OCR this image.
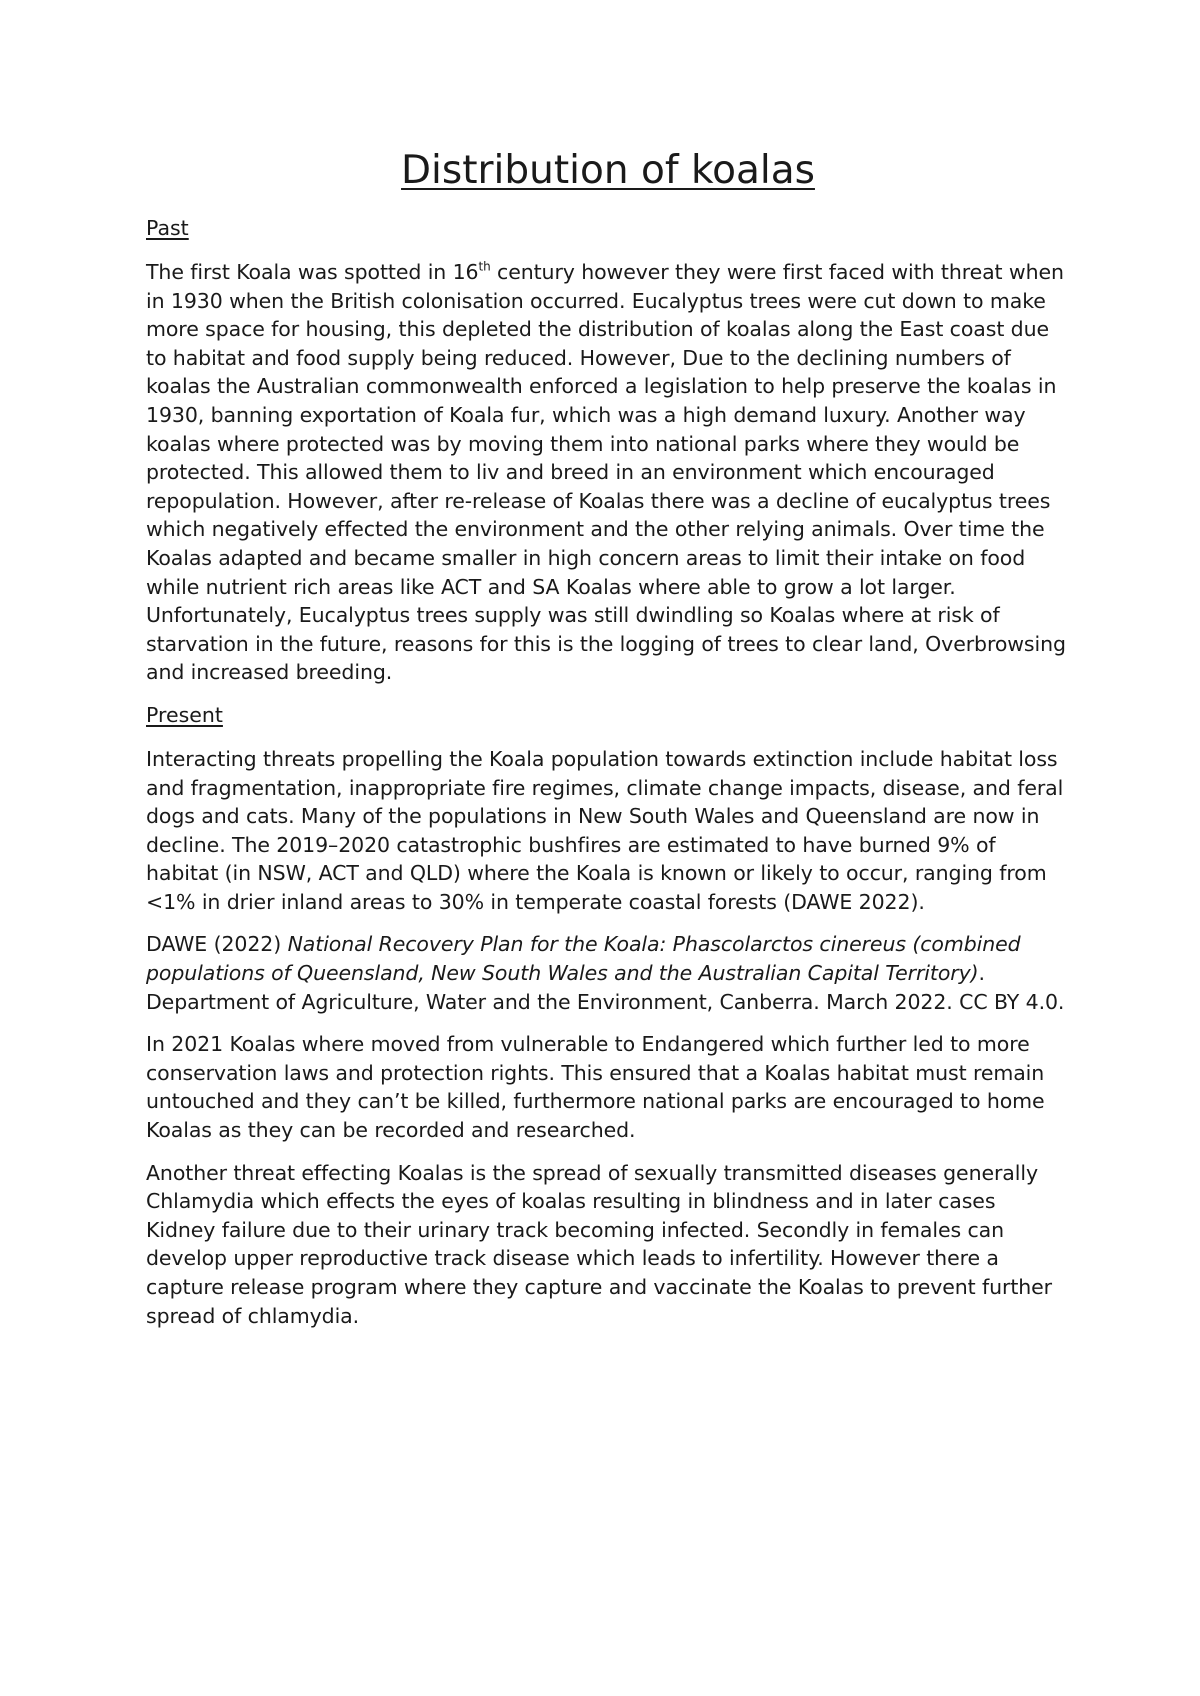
Distribution of koalas
Past

The first Koala was spotted in 16th century however they were first faced with threat when in 1930 when the British colonisation occurred. Eucalyptus trees were cut down to make more space for housing, this depleted the distribution of koalas along the East coast due to habitat and food supply being reduced. However, Due to the declining numbers of koalas the Australian commonwealth enforced a legislation to help preserve the koalas in 1930, banning exportation of Koala fur, which was a high demand luxury. Another way koalas where protected was by moving them into national parks where they would be protected. This allowed them to liv and breed in an environment which encouraged repopulation. However, after re-release of Koalas there was a decline of eucalyptus trees which negatively effected the environment and the other relying animals. Over time the Koalas adapted and became smaller in high concern areas to limit their intake on food while nutrient rich areas like ACT and SA Koalas where able to grow a lot larger. Unfortunately, Eucalyptus trees supply was still dwindling so Koalas where at risk of starvation in the future, reasons for this is the logging of trees to clear land, Overbrowsing and increased breeding.

Present

Interacting threats propelling the Koala population towards extinction include habitat loss and fragmentation, inappropriate fire regimes, climate change impacts, disease, and feral dogs and cats. Many of the populations in New South Wales and Queensland are now in decline. The 2019–2020 catastrophic bushfires are estimated to have burned 9% of habitat (in NSW, ACT and QLD) where the Koala is known or likely to occur, ranging from <1% in drier inland areas to 30% in temperate coastal forests (DAWE 2022).

DAWE (2022) National Recovery Plan for the Koala: Phascolarctos cinereus (combined populations of Queensland, New South Wales and the Australian Capital Territory). Department of Agriculture, Water and the Environment, Canberra. March 2022. CC BY 4.0.

In 2021 Koalas where moved from vulnerable to Endangered which further led to more conservation laws and protection rights. This ensured that a Koalas habitat must remain untouched and they can’t be killed, furthermore national parks are encouraged to home Koalas as they can be recorded and researched.

Another threat effecting Koalas is the spread of sexually transmitted diseases generally Chlamydia which effects the eyes of koalas resulting in blindness and in later cases Kidney failure due to their urinary track becoming infected. Secondly in females can develop upper reproductive track disease which leads to infertility. However there a capture release program where they capture and vaccinate the Koalas to prevent further spread of chlamydia.
